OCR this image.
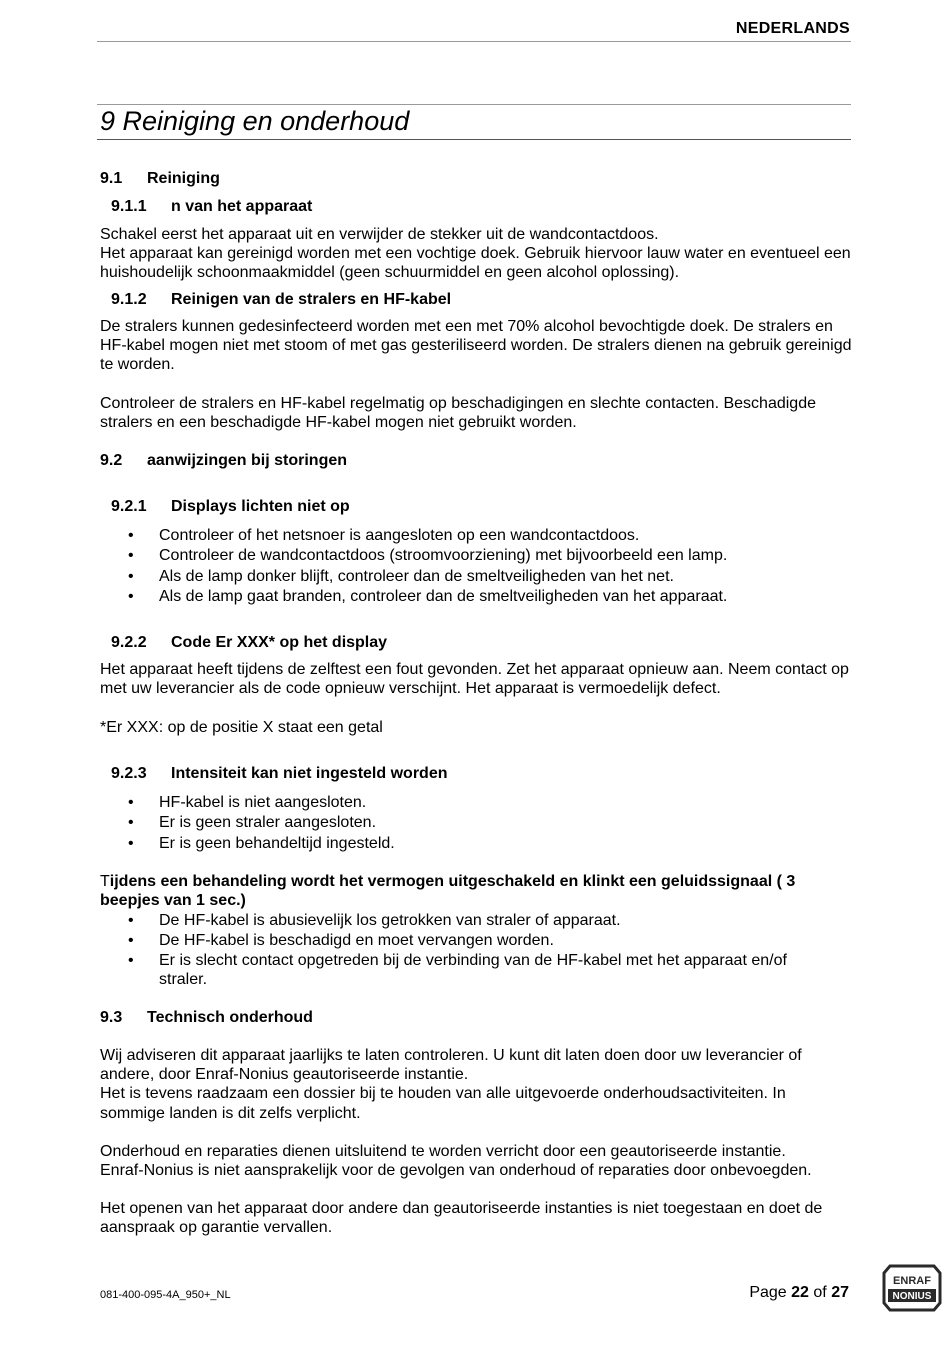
NEDERLANDS
9 Reiniging en onderhoud
9.1 Reiniging
9.1.1 n van het apparaat

Schakel eerst het apparaat uit en verwijder de stekker uit de wandcontactdoos.

Het apparaat kan gereinigd worden met een vochtige doek. Gebruik hiervoor lauw water en eventueel een huishoudelijk schoonmaakmiddel (geen schuurmiddel en geen alcohol oplossing).

9.1.2 Reinigen van de stralers en HF-kabel
De stralers kunnen gedesinfecteerd worden met een met 70% alcohol bevochtigde doek. De stralers en HF-kabel mogen niet met stoom of met gas gesteriliseerd worden. De stralers dienen na gebruik gereinigd te worden.
Controleer de stralers en HF-kabel regelmatig op beschadigingen en slechte contacten. Beschadigde stralers en een beschadigde HF-kabel mogen niet gebruikt worden.
9.2 aanwijzingen bij storingen
9.2.1 Displays lichten niet op
• Controleer of het netsnoer is aangesloten op een wandcontactdoos.
• Controleer de wandcontactdoos (stroomvoorziening) met bijvoorbeeld een lamp.
• Als de lamp donker blijft, controleer dan de smeltveiligheden van het net.
• Als de lamp gaat branden, controleer dan de smeltveiligheden van het apparaat.
9.2.2 Code Er XXX* op het display
Het apparaat heeft tijdens de zelftest een fout gevonden. Zet het apparaat opnieuw aan. Neem contact op met uw leverancier als de code opnieuw verschijnt. Het apparaat is vermoedelijk defect.
*Er XXX: op de positie X staat een getal
9.2.3 Intensiteit kan niet ingesteld worden
• HF-kabel is niet aangesloten.
• Er is geen straler aangesloten.
• Er is geen behandeltijd ingesteld.
Tijdens een behandeling wordt het vermogen uitgeschakeld en klinkt een geluidssignaal ( 3 beepjes van 1 sec.)
• De HF-kabel is abusievelijk los getrokken van straler of apparaat.
• De HF-kabel is beschadigd en moet vervangen worden.
• Er is slecht contact opgetreden bij de verbinding van de HF-kabel met het apparaat en/of straler.
9.3 Technisch onderhoud

Wij adviseren dit apparaat jaarlijks te laten controleren. U kunt dit laten doen door uw leverancier of andere, door Enraf-Nonius geautoriseerde instantie.

Het is tevens raadzaam een dossier bij te houden van alle uitgevoerde onderhoudsactiviteiten. In sommige landen is dit zelfs verplicht.

Onderhoud en reparaties dienen uitsluitend te worden verricht door een geautoriseerde instantie.

Enraf-Nonius is niet aansprakelijk voor de gevolgen van onderhoud of reparaties door onbevoegden.

Het openen van het apparaat door andere dan geautoriseerde instanties is niet toegestaan en doet de aanspraak op garantie vervallen.
081-400-095-4A_950+_NL	Page 22 of 27
ENRAF
NONIUS
